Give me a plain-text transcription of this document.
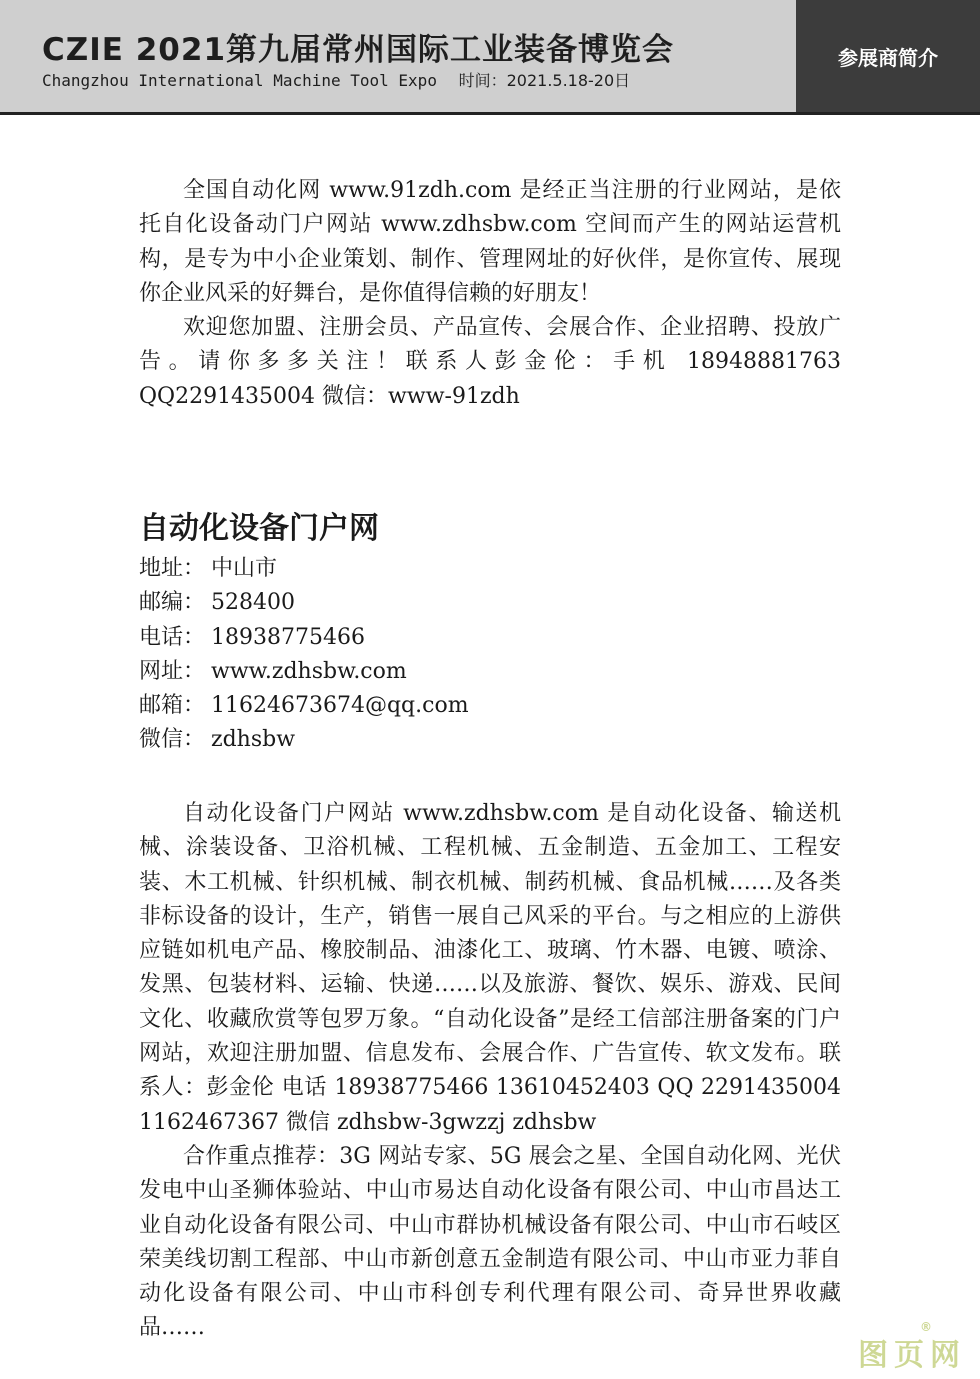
CZIE 2021第九届常州国际工业装备博览会
Changzhou International Machine Tool Expo 时间：2021.5.18-20日
参展商简介

全国自动化网 www.91zdh.com 是经正当注册的行业网站，是依托自化设备动门户网站 www.zdhsbw.com 空间而产生的网站运营机构，是专为中小企业策划、制作、管理网址的好伙伴，是你宣传、展现你企业风采的好舞台，是你值得信赖的好朋友！

欢迎您加盟、注册会员、产品宣传、会展合作、企业招聘、投放广告。请你多多关注！联系人彭金伦：手机 18948881763 QQ2291435004 微信：www-91zdh

自动化设备门户网
地址： 中山市
邮编： 528400
电话： 18938775466
网址： www.zdhsbw.com
邮箱： 11624673674@qq.com
微信： zdhsbw

自动化设备门户网站 www.zdhsbw.com 是自动化设备、输送机械、涂装设备、卫浴机械、工程机械、五金制造、五金加工、工程安装、木工机械、针织机械、制衣机械、制药机械、食品机械……及各类非标设备的设计，生产，销售一展自己风采的平台。与之相应的上游供应链如机电产品、橡胶制品、油漆化工、玻璃、竹木器、电镀、喷涂、发黑、包装材料、运输、快递……以及旅游、餐饮、娱乐、游戏、民间文化、收藏欣赏等包罗万象。“自动化设备”是经工信部注册备案的门户网站，欢迎注册加盟、信息发布、会展合作、广告宣传、软文发布。联系人：彭金伦 电话 18938775466 13610452403 QQ 2291435004 1162467367 微信 zdhsbw-3gwzzj zdhsbw

合作重点推荐：3G 网站专家、5G 展会之星、全国自动化网、光伏发电中山圣狮体验站、中山市易达自动化设备有限公司、中山市昌达工业自动化设备有限公司、中山市群协机械设备有限公司、中山市石岐区荣美线切割工程部、中山市新创意五金制造有限公司、中山市亚力菲自动化设备有限公司、中山市科创专利代理有限公司、奇异世界收藏品……

图页网
®
